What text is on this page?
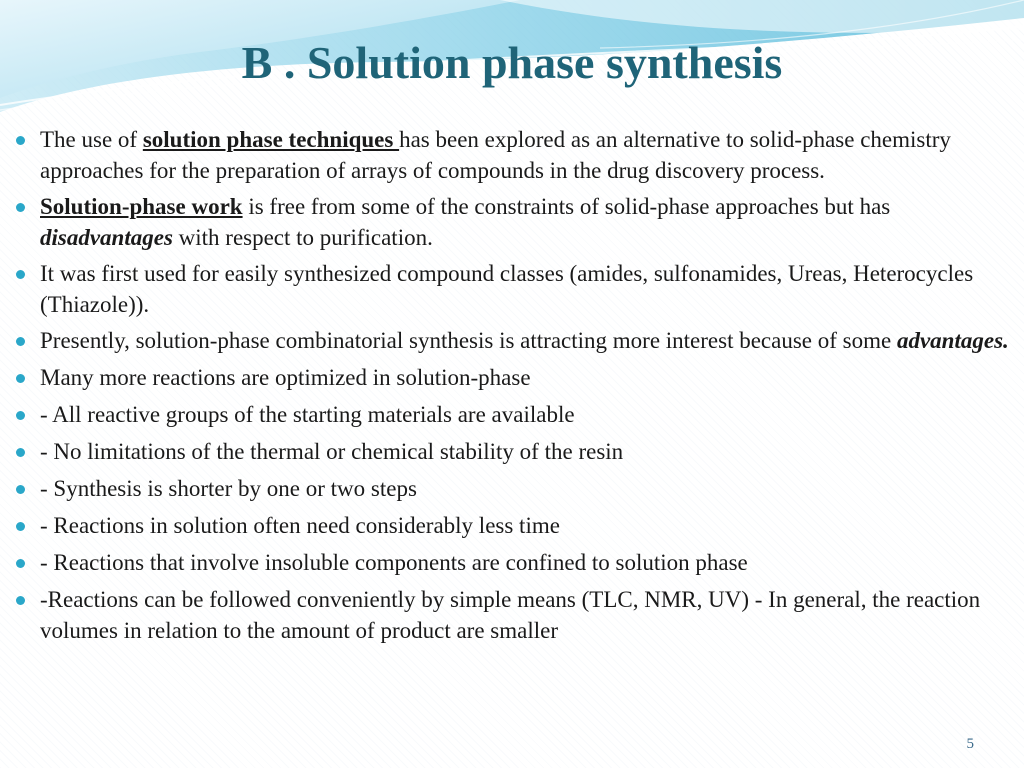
B . Solution phase synthesis
The use of solution phase techniques has been explored as an alternative to solid-phase chemistry approaches for the preparation of arrays of compounds in the drug discovery process.
Solution-phase work is free from some of the constraints of solid-phase approaches but has disadvantages with respect to purification.
It was first used for easily synthesized compound classes (amides, sulfonamides, Ureas, Heterocycles (Thiazole)).
Presently, solution-phase combinatorial synthesis is attracting more interest because of some advantages.
Many more reactions are optimized in solution-phase
- All reactive groups of the starting materials are available
- No limitations of the thermal or chemical stability of the resin
- Synthesis is shorter by one or two steps
- Reactions in solution often need considerably less time
- Reactions that involve insoluble components are confined to solution phase
-Reactions can be followed conveniently by simple means (TLC, NMR, UV) - In general, the reaction volumes in relation to the amount of product are smaller
5
